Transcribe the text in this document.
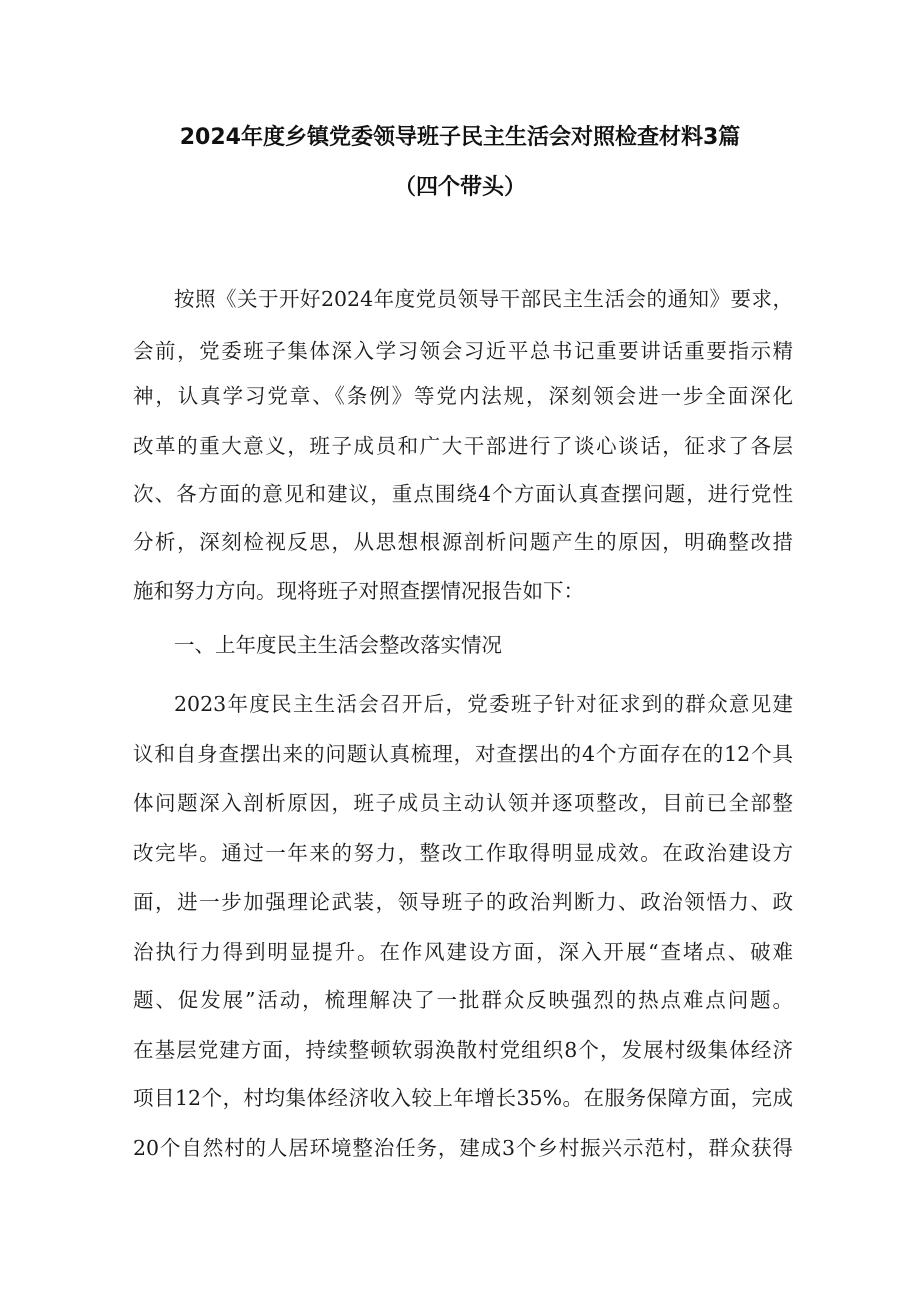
2024年度乡镇党委领导班子民主生活会对照检查材料3篇
（四个带头）
按照《关于开好2024年度党员领导干部民主生活会的通知》要求，
会前，党委班子集体深入学习领会习近平总书记重要讲话重要指示精
神，认真学习党章、《条例》等党内法规，深刻领会进一步全面深化
改革的重大意义，班子成员和广大干部进行了谈心谈话，征求了各层
次、各方面的意见和建议，重点围绕4个方面认真查摆问题，进行党性
分析，深刻检视反思，从思想根源剖析问题产生的原因，明确整改措
施和努力方向。现将班子对照查摆情况报告如下：
一、上年度民主生活会整改落实情况
2023年度民主生活会召开后，党委班子针对征求到的群众意见建
议和自身查摆出来的问题认真梳理，对查摆出的4个方面存在的12个具
体问题深入剖析原因，班子成员主动认领并逐项整改，目前已全部整
改完毕。通过一年来的努力，整改工作取得明显成效。在政治建设方
面，进一步加强理论武装，领导班子的政治判断力、政治领悟力、政
治执行力得到明显提升。在作风建设方面，深入开展“查堵点、破难
题、促发展”活动，梳理解决了一批群众反映强烈的热点难点问题。
在基层党建方面，持续整顿软弱涣散村党组织8个，发展村级集体经济
项目12个，村均集体经济收入较上年增长35%。在服务保障方面，完成
20个自然村的人居环境整治任务，建成3个乡村振兴示范村，群众获得
